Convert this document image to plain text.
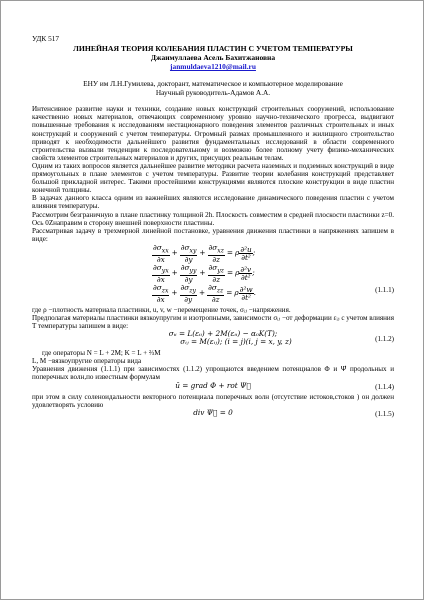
УДК 517
ЛИНЕЙНАЯ ТЕОРИЯ КОЛЕБАНИЯ ПЛАСТИН С УЧЕТОМ ТЕМПЕРАТУРЫ
Джаимуллаева Асель Бахитжановна
janmuldaeva1210@mail.ru
ЕНУ им Л.Н.Гумилева, докторант, математическое и компьютерное моделирование
Научный руководитель-Адамов А.А.

Интенсивное развитие науки и техники, создание новых конструкций строительных сооружений, использование качественно новых материалов, отвечающих современному уровню научно-технического прогресса, выдвигают повышенные требования к исследованиям нестационарного поведения элементов различных строительных и иных конструкций и сооружений с учетом температуры. Огромный размах промышленного и жилищного строительство приводят к необходимости дальнейшего развития фундаментальных исследований в области современного строительства вызвали тенденции к последовательному и возможно более полному учету физико-механических свойств элементов строительных материалов и других, присущих реальным телам.

Одним из таких вопросов является дальнейшее развитие методики расчета наземных и подземных конструкций в виде прямоугольных в плане элементов с учетом температуры. Развитие теории колебания конструкций представляет большой прикладной интерес. Такими простейшими конструкциями являются плоские конструкции в виде пластин конечной толщины.

В задачах данного класса одним из важнейших являются исследование динамического поведения пластин с учетом влияния температуры.

Рассмотрим безграничную в плане пластинку толщиной 2h. Плоскость совместим в средней плоскости пластинки z=0. Ось 0Zнаправим в сторону внешней поверхности пластины.

Рассматривая задачу в трехмерной линейной постановке, уравнения движения пластинки в напряжениях запишем в виде:

$\frac{\partial\sigma_{xx}}{\partial x} + \frac{\partial\sigma_{xy}}{\partial y} + \frac{\partial\sigma_{xz}}{\partial z} = \rho \frac{\text{∂²u}}{\text{∂t²}}$ ;
$\frac{\partial\sigma_{yx}}{\partial x} + \frac{\partial\sigma_{yy}}{\partial y} + \frac{\partial\sigma_{yz}}{\partial z} = \rho \frac{\text{∂²v}}{\text{∂t²}}$ ;
$\frac{\partial\sigma_{zx}}{\partial x} + \frac{\partial\sigma_{zy}}{\partial y} + \frac{\partial\sigma_{zz}}{\partial z} = \rho \frac{\text{∂²w}}{\text{∂t²}}$ .	(1.1.1)

где ρ −плотность материала пластинки, u, v, w −перемещение точек, σᵢⱼ −напряжения.

Предполагая материалы пластинки вязкоупругим и изотропными, зависимости σᵢⱼ −от деформации εᵢⱼ с учетом влияния T температуры запишем в виде:

σᵢᵢ = L(εᵢᵢ) + 2M(εᵢᵢ) − α₀K(T);
σᵢⱼ = M(εᵢⱼ); (i = j)(i, j = x, y, z)	(1.1.2)

где операторы N = L + 2M; K = L + ⅔M

L, M −вязкоупругие операторы вида

Уравнения движения (1.1.1) при зависимостях (1.1.2) упрощаются введением потенциалов Φ и Ψ⃗ продольных и поперечных волн,по известным формулам

ū = grad Φ + rot Ψ⃗	(1.1.4)

при этом в силу соленоидальности векторного потенциала поперечных волн (отсутствие истоков,стоков ) он должен удовлетворять условию

div Ψ⃗ = 0	(1.1.5)
